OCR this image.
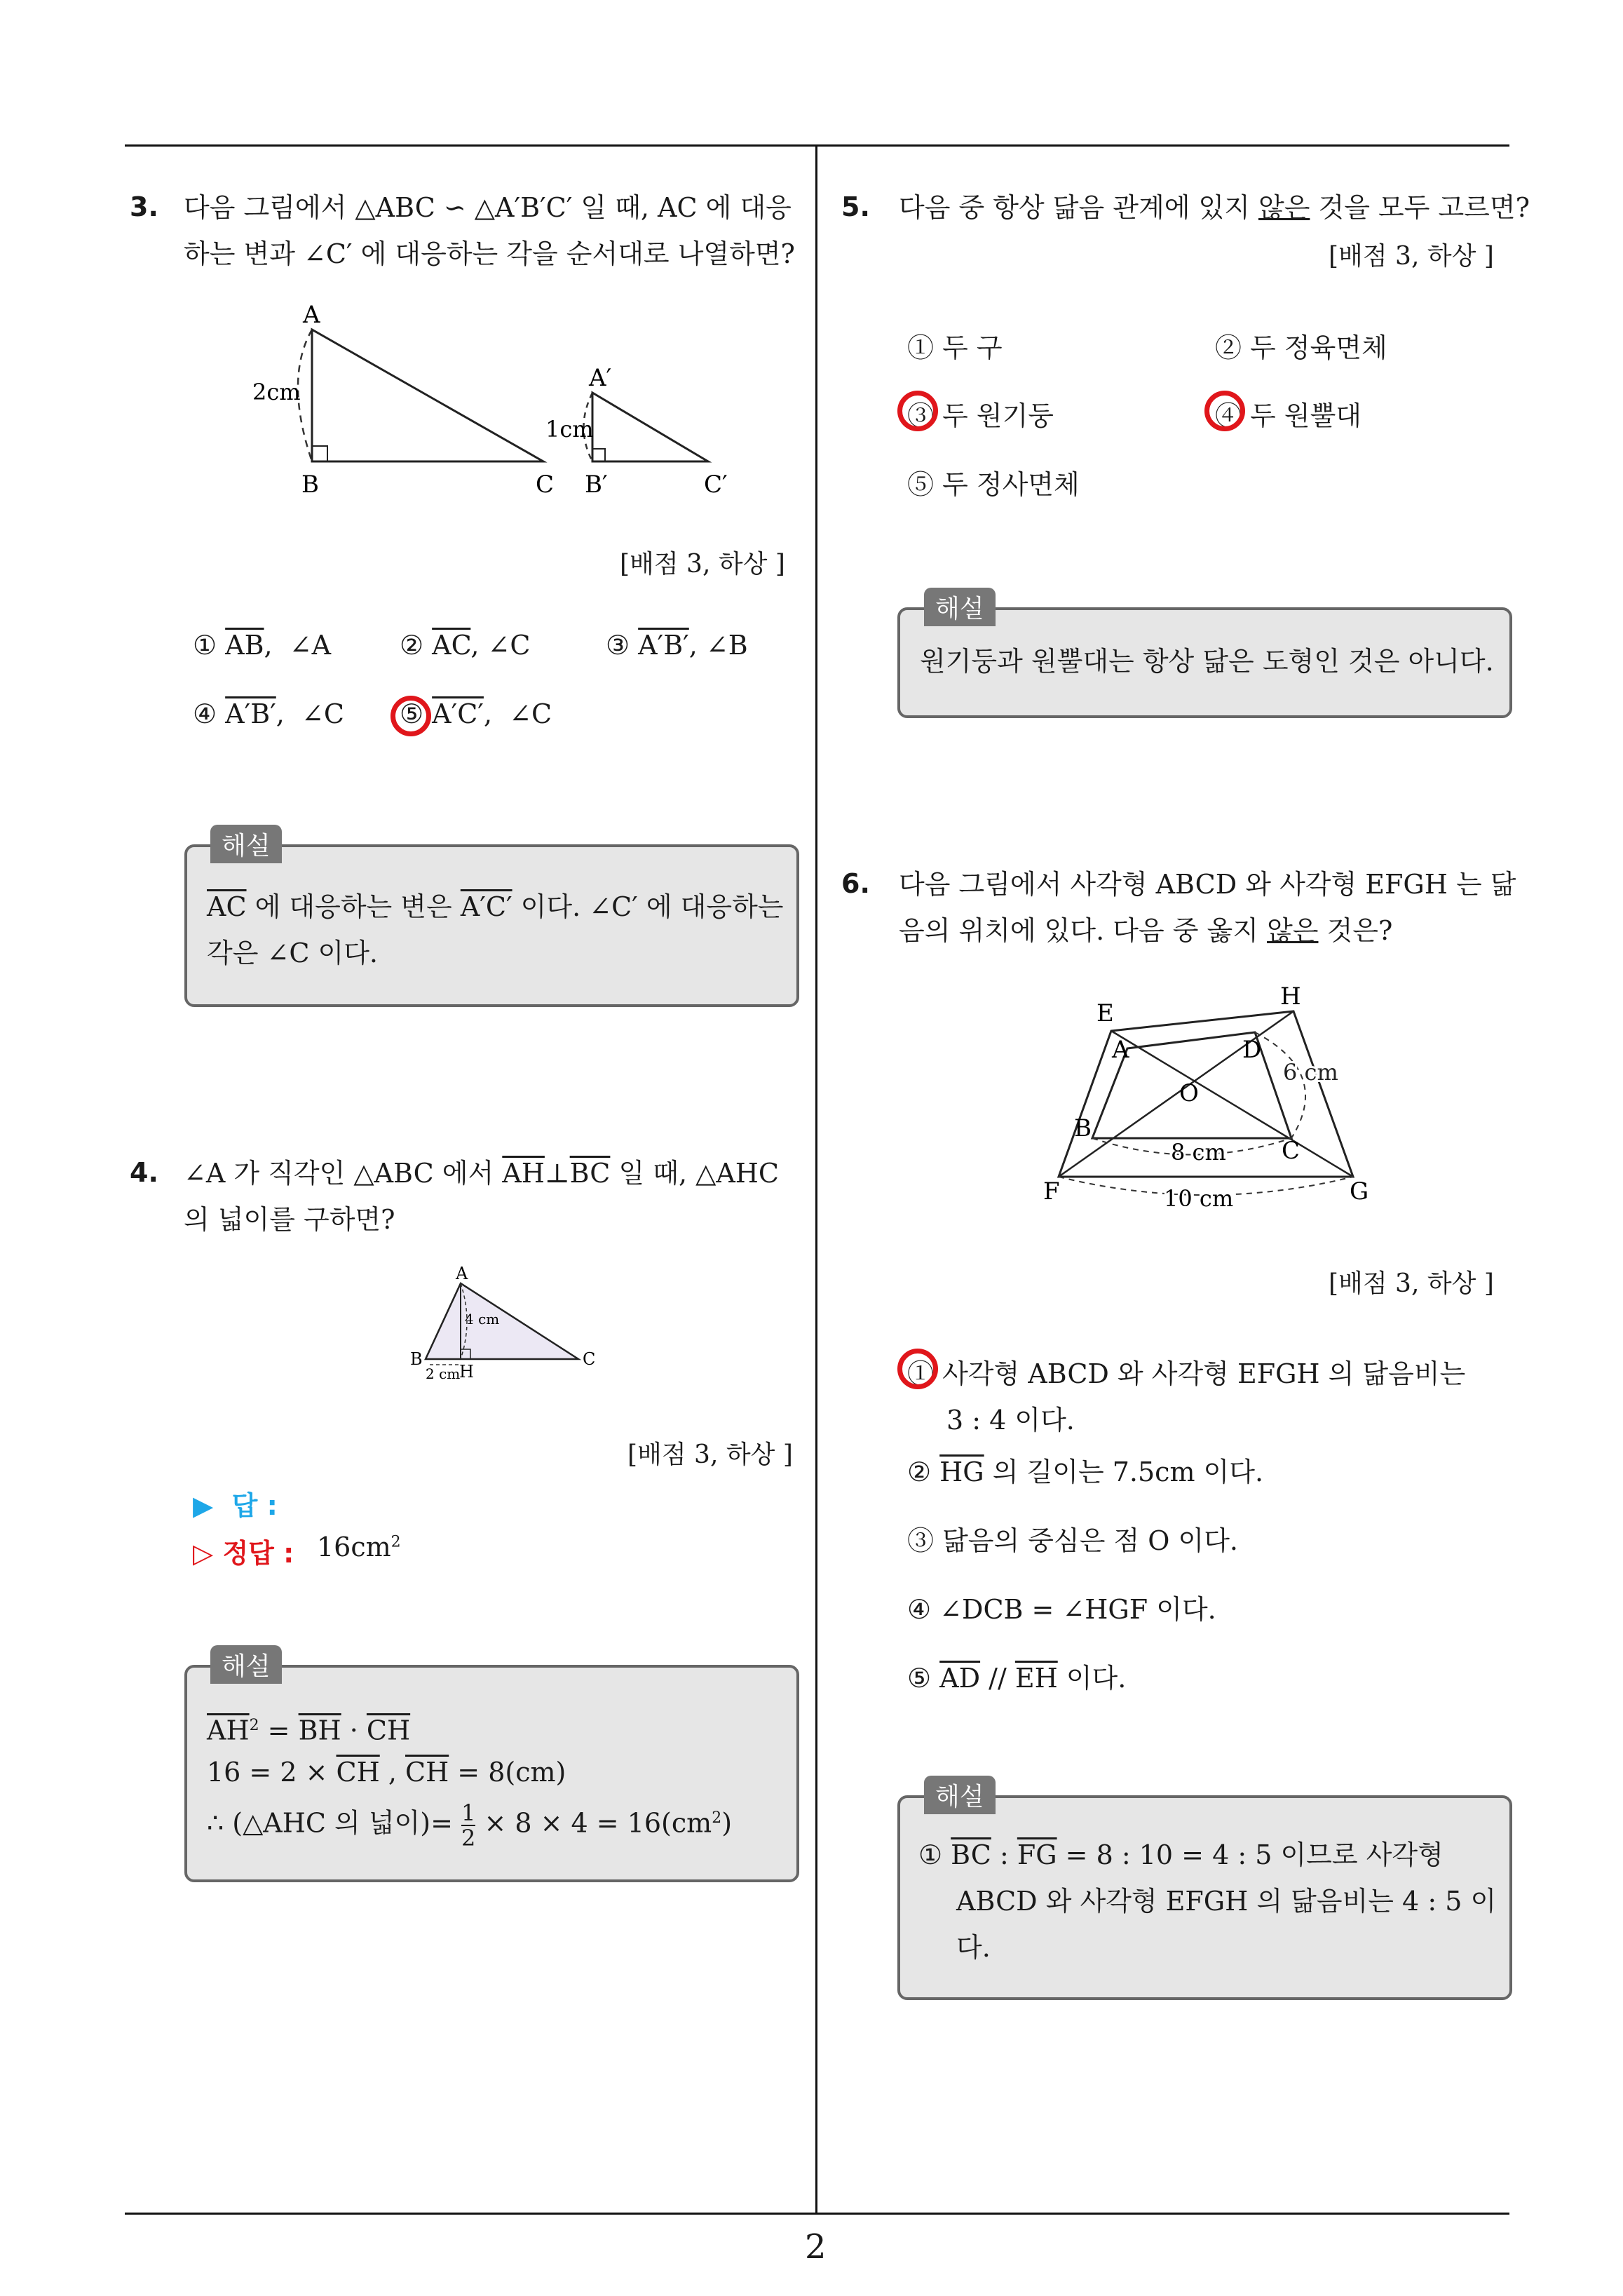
2
3. 다음 그림에서 △ABC ∽ △A′B′C′ 일 때, AC 에 대응
하는 변과 ∠C′ 에 대응하는 각을 순서대로 나열하면?
A
B	C
2cm	A′
B′	C′
1cm
[배점 3, 하상 ]
① $\overline{AB}$,  ∠A	② $\overline{AC}$, ∠C	③ A′B′, ∠B
④ A′B′,  ∠C ⑤ A′C′,  ∠C
해설
$\overline{AC}$ 에 대응하는 변은 A′C′ 이다. ∠C′ 에 대응하는
각은 ∠C 이다.
4. ∠A 가 직각인 △ABC 에서 $\overline{AH}\perp\overline{BC}$ 일 때, △AHC
의 넓이를 구하면?
A
B	C
H
4 cm
2 cm
[배점 3, 하상 ]
▶  답 :
▷ 정답 : $16cm^2$
해설
$\overline{AH}^2 = \overline{BH} \cdot \overline{CH}$
$16 = 2 \times \overline{CH}$ , $\overline{CH} = 8(cm)$
∴ (△AHC 의 넓이)= $\frac{1}{2} \times 8 \times 4 = 16(cm^2)$
5. 다음 중 항상 닮음 관계에 있지 않은 것을 모두 고르면?
[배점 3, 하상 ]
① 두 구	② 두 정육면체
③ 두 원기둥	④ 두 원뿔대
⑤ 두 정사면체
해설
원기둥과 원뿔대는 항상 닮은 도형인 것은 아니다.
6. 다음 그림에서 사각형 ABCD 와 사각형 EFGH 는 닮
음의 위치에 있다. 다음 중 옳지 않은 것은?
E
H
A	D
O
B
C
F	G
6 cm
8 cm
10 cm
[배점 3, 하상 ]
① 사각형 ABCD 와 사각형 EFGH 의 닮음비는
3 : 4 이다.
② $\overline{HG}$ 의 길이는 7.5cm 이다.
③ 닮음의 중심은 점 O 이다.
④ ∠DCB = ∠HGF 이다.
⑤ $\overline{AD} // \overline{EH}$ 이다.
해설
① $\overline{BC}$ : $\overline{FG} = 8$ : 10 = 4 : 5 이므로 사각형
ABCD 와 사각형 EFGH 의 닮음비는 4 : 5 이
다.
